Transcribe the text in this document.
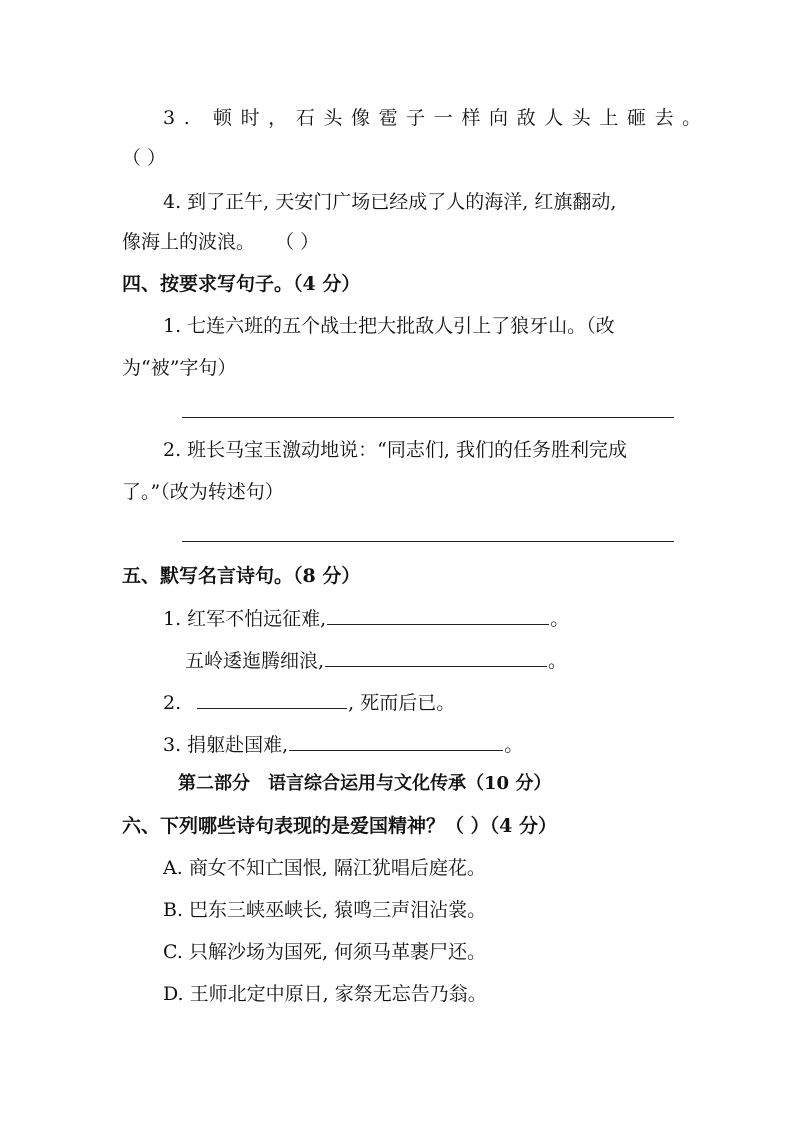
3. 顿时，石头像雹子一样向敌人头上砸去。
（ ）
4. 到了正午, 天安门广场已经成了人的海洋, 红旗翻动,
像海上的波浪。 （ ）
四、按要求写句子。（4 分）
1. 七连六班的五个战士把大批敌人引上了狼牙山。（改
为“被”字句）
2. 班长马宝玉激动地说：“同志们, 我们的任务胜利完成
了。”（改为转述句）
五、默写名言诗句。（8 分）
1. 红军不怕远征难,	。
五岭逶迤腾细浪,	。
2.	, 死而后已。
3. 捐躯赴国难,	。
第二部分　语言综合运用与文化传承（10 分）
六、下列哪些诗句表现的是爱国精神？（ ）（4 分）
A. 商女不知亡国恨, 隔江犹唱后庭花。
B. 巴东三峡巫峡长, 猿鸣三声泪沾裳。
C. 只解沙场为国死, 何须马革裹尸还。
D. 王师北定中原日, 家祭无忘告乃翁。
